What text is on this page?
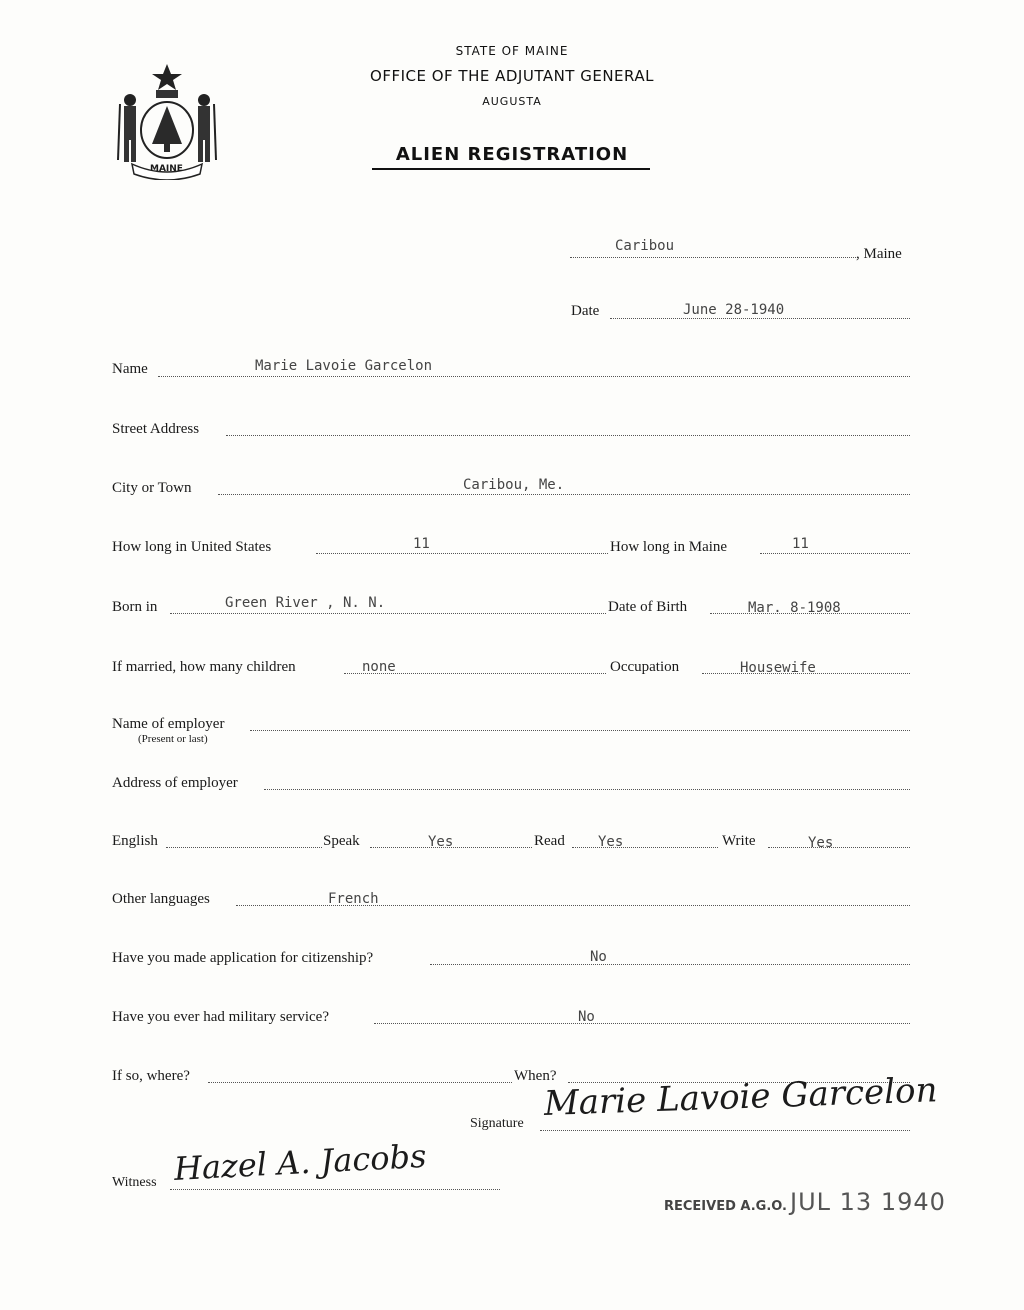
MAINE
STATE OF MAINE
OFFICE OF THE ADJUTANT GENERAL
AUGUSTA
ALIEN REGISTRATION
Caribou	, Maine
Date	June 28-1940
Name	Marie Lavoie Garcelon
Street Address
City or Town	Caribou, Me.
How long in United States	11	How long in Maine	11
Born in	Green River , N. N.	Date of Birth	Mar. 8-1908
If married, how many children	none	Occupation	Housewife
Name of employer
(Present or last)
Address of employer
English	Speak	Yes	Read Yes	Write	Yes
Other languages	French
Have you made application for citizenship?	No
Have you ever had military service?	No
If so, where?	When?
Signature Marie Lavoie Garcelon
Witness Hazel A. Jacobs
RECEIVED A.G.O. JUL 13 1940
